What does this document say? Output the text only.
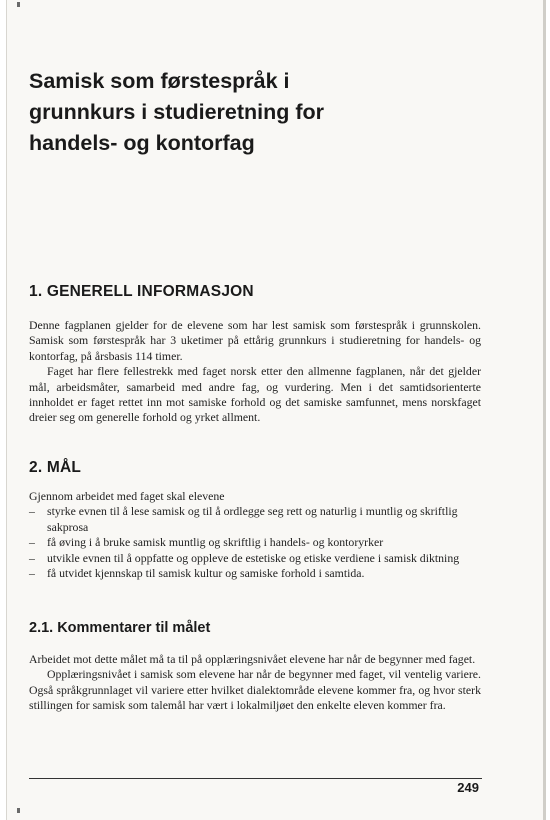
Samisk som førstespråk i
grunnkurs i studieretning for
handels- og kontorfag
1. GENERELL INFORMASJON

Denne fagplanen gjelder for de elevene som har lest samisk som førstespråk i grunnskolen. Samisk som førstespråk har 3 uketimer på ettårig grunnkurs i studieretning for handels- og kontorfag, på årsbasis 114 timer.

Faget har flere fellestrekk med faget norsk etter den allmenne fagplanen, når det gjelder mål, arbeidsmåter, samarbeid med andre fag, og vurdering. Men i det samtidsorienterte innholdet er faget rettet inn mot samiske forhold og det samiske samfunnet, mens norskfaget dreier seg om generelle forhold og yrket allment.

2. MÅL

Gjennom arbeidet med faget skal elevene

– styrke evnen til å lese samisk og til å ordlegge seg rett og naturlig i muntlig og skriftlig sakprosa
– få øving i å bruke samisk muntlig og skriftlig i handels- og kontoryrker
– utvikle evnen til å oppfatte og oppleve de estetiske og etiske verdiene i samisk diktning
– få utvidet kjennskap til samisk kultur og samiske forhold i samtida.
2.1. Kommentarer til målet

Arbeidet mot dette målet må ta til på opplæringsnivået elevene har når de begynner med faget.

Opplæringsnivået i samisk som elevene har når de begynner med faget, vil ventelig variere. Også språkgrunnlaget vil variere etter hvilket dialektområde elevene kommer fra, og hvor sterk stillingen for samisk som talemål har vært i lokalmiljøet den enkelte eleven kommer fra.

249
